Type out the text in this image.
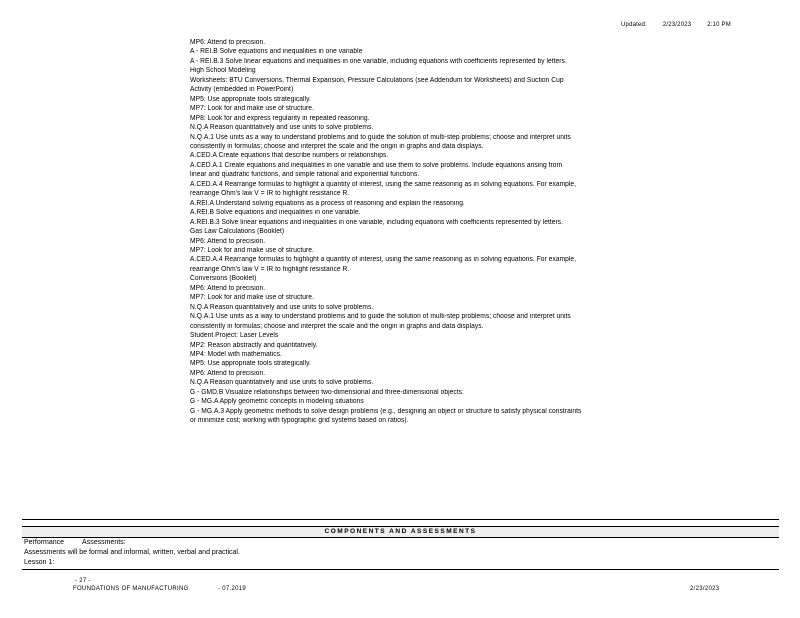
Updated:	2/23/2023	2:10 PM
MP6: Attend to precision.
A - REI.B Solve equations and inequalities in one variable
A - REI.B.3 Solve linear equations and inequalities in one variable, including equations with coefficients represented by letters.
High School Modeling
Worksheets: BTU Conversions, Thermal Expansion, Pressure Calculations (see Addendum for Worksheets) and Suction Cup
Activity (embedded in PowerPoint)
MP5: Use appropriate tools strategically.
MP7: Look for and make use of structure.
MP8: Look for and express regularity in repeated reasoning.
N.Q.A Reason quantitatively and use units to solve problems.
N.Q.A.1 Use units as a way to understand problems and to guide the solution of multi-step problems; choose and interpret units
consistently in formulas; choose and interpret the scale and the origin in graphs and data displays.
A.CED.A Create equations that describe numbers or relationships.
A.CED.A.1 Create equations and inequalities in one variable and use them to solve problems. Include equations arising from
linear and quadratic functions, and simple rational and exponential functions.
A.CED.A.4 Rearrange formulas to highlight a quantity of interest, using the same reasoning as in solving equations. For example,
rearrange Ohm's law V = IR to highlight resistance R.
A.REI.A Understand solving equations as a process of reasoning and explain the reasoning.
A.REI.B Solve equations and inequalities in one variable.
A.REI.B.3 Solve linear equations and inequalities in one variable, including equations with coefficients represented by letters.
Gas Law Calculations (Booklet)
MP6: Attend to precision.
MP7: Look for and make use of structure.
A.CED.A.4 Rearrange formulas to highlight a quantity of interest, using the same reasoning as in solving equations. For example,
rearrange Ohm's law V = IR to highlight resistance R.
Conversions (Booklet)
MP6: Attend to precision.
MP7: Look for and make use of structure.
N.Q.A Reason quantitatively and use units to solve problems.
N.Q.A.1 Use units as a way to understand problems and to guide the solution of multi-step problems; choose and interpret units
consistently in formulas; choose and interpret the scale and the origin in graphs and data displays.
Student Project: Laser Levels
MP2: Reason abstractly and quantitatively.
MP4: Model with mathematics.
MP5: Use appropriate tools strategically.
MP6: Attend to precision.
N.Q.A Reason quantitatively and use units to solve problems.
G - GMD.B Visualize relationships between two-dimensional and three-dimensional objects.
G - MG.A Apply geometric concepts in modeling situations
G - MG.A.3 Apply geometric methods to solve design problems (e.g., designing an object or structure to satisfy physical constraints
or minimize cost; working with typographic grid systems based on ratios).
COMPONENTS AND ASSESSMENTS
Performance	Assessments:
Assessments will be formal and informal, written, verbal and practical.
Lesson 1:
- 27 -
FOUNDATIONS OF MANUFACTURING	- 07.2019	2/23/2023
